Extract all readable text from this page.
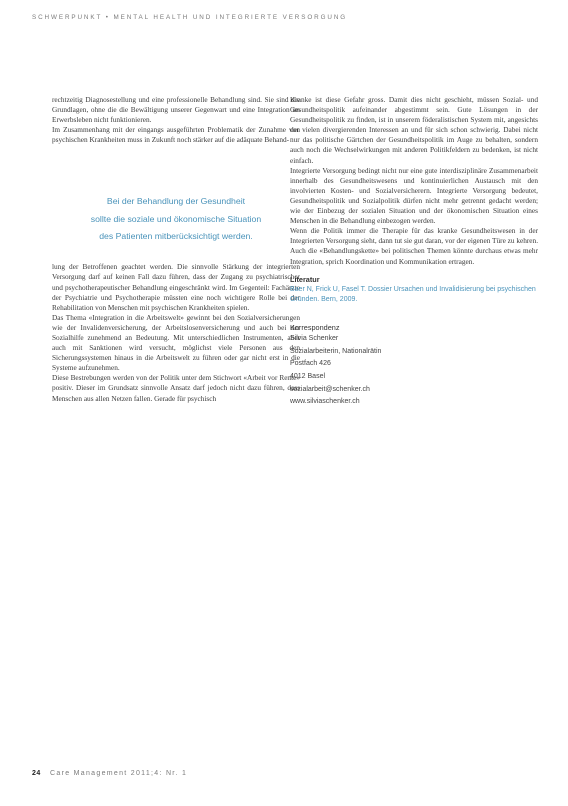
SCHWERPUNKT • MENTAL HEALTH UND INTEGRIERTE VERSORGUNG

rechtzeitig Diagnosestellung und eine professionelle Behandlung sind. Sie sind die Grundlagen, ohne die die Bewältigung unserer Gegenwart und eine Integration im Erwerbsleben nicht funktionieren.

Im Zusammenhang mit der eingangs ausgeführten Problematik der Zunahme von psychischen Krankheiten muss in Zukunft noch stärker auf die adäquate Behand-

Bei der Behandlung der Gesundheit
sollte die soziale und ökonomische Situation
des Patienten mitberücksichtigt werden.

lung der Betroffenen geachtet werden. Die sinnvolle Stärkung der integrierten Versorgung darf auf keinen Fall dazu führen, dass der Zugang zu psychiatrischer und psychotherapeutischer Behandlung eingeschränkt wird. Im Gegenteil: Fachärzte der Psychiatrie und Psychotherapie müssten eine noch wichtigere Rolle bei der Rehabilitation von Menschen mit psychischen Krankheiten spielen.

Das Thema «Integration in die Arbeitswelt» gewinnt bei den Sozialversicherungen wie der Invalidenversicherung, der Arbeitslosenversicherung und auch bei der Sozialhilfe zunehmend an Bedeutung. Mit unterschiedlichen Instrumenten, aber auch mit Sanktionen wird versucht, möglichst viele Personen aus den Sicherungssystemen hinaus in die Arbeitswelt zu führen oder gar nicht erst in die Systeme aufzunehmen.

Diese Bestrebungen werden von der Politik unter dem Stichwort «Arbeit vor Rente» positiv. Dieser im Grundsatz sinnvolle Ansatz darf jedoch nicht dazu führen, dass Menschen aus allen Netzen fallen. Gerade für psychisch

Kranke ist diese Gefahr gross. Damit dies nicht geschieht, müssen Sozial- und Gesundheitspolitik aufeinander abgestimmt sein. Gute Lösungen in der Gesundheitspolitik zu finden, ist in unserem föderalistischen System mit, angesichts der vielen divergierenden Interessen an und für sich schon schwierig. Dabei nicht nur das politische Gärtchen der Gesundheitspolitik im Auge zu behalten, sondern auch noch die Wechselwirkungen mit anderen Politikfeldern zu bedenken, ist nicht einfach.

Integrierte Versorgung bedingt nicht nur eine gute interdisziplinäre Zusammenarbeit innerhalb des Gesundheitswesens und kontinuierlichen Austausch mit den involvierten Kosten- und Sozialversicherern. Integrierte Versorgung bedeutet, Gesundheitspolitik und Sozialpolitik dürfen nicht mehr getrennt gedacht werden; wie der Einbezug der sozialen Situation und der ökonomischen Situation eines Menschen in die Behandlung einbezogen werden.

Wenn die Politik immer die Therapie für das kranke Gesundheitswesen in der Integrierten Versorgung sieht, dann tut sie gut daran, vor der eigenen Türe zu kehren. Auch die «Behandlungskette» bei politischen Themen könnte durchaus etwas mehr Integration, sprich Koordination und Kommunikation ertragen.

Literatur
Baer N, Frick U, Fasel T. Dossier Ursachen und Invalidisierung bei psychischen Gründen. Bern, 2009.
Korrespondenz
Silvia Schenker
Sozialarbeiterin, Nationalrätin
Postfach 426
4012 Basel
sozialarbeit@schenker.ch
www.silviaschenker.ch
24 Care Management 2011;4: Nr. 1
